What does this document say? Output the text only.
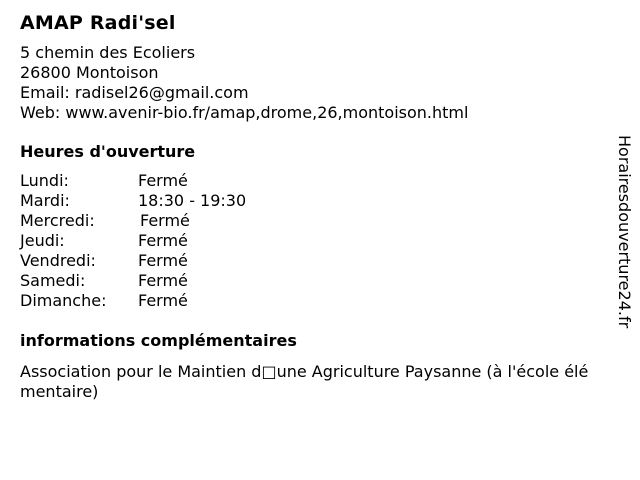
AMAP Radi'sel
5 chemin des Ecoliers
26800 Montoison
Email: radisel26@gmail.com
Web: www.avenir-bio.fr/amap,drome,26,montoison.html
Heures d'ouverture
Lundi:	Fermé
Mardi:	18:30 - 19:30
Mercredi:	Fermé
Jeudi:	Fermé
Vendredi:	Fermé
Samedi:	Fermé
Dimanche:	Fermé
informations complémentaires
Association pour le Maintien d□une Agriculture Paysanne (à l'école élémentaire)
Horairesdouverture24.fr
